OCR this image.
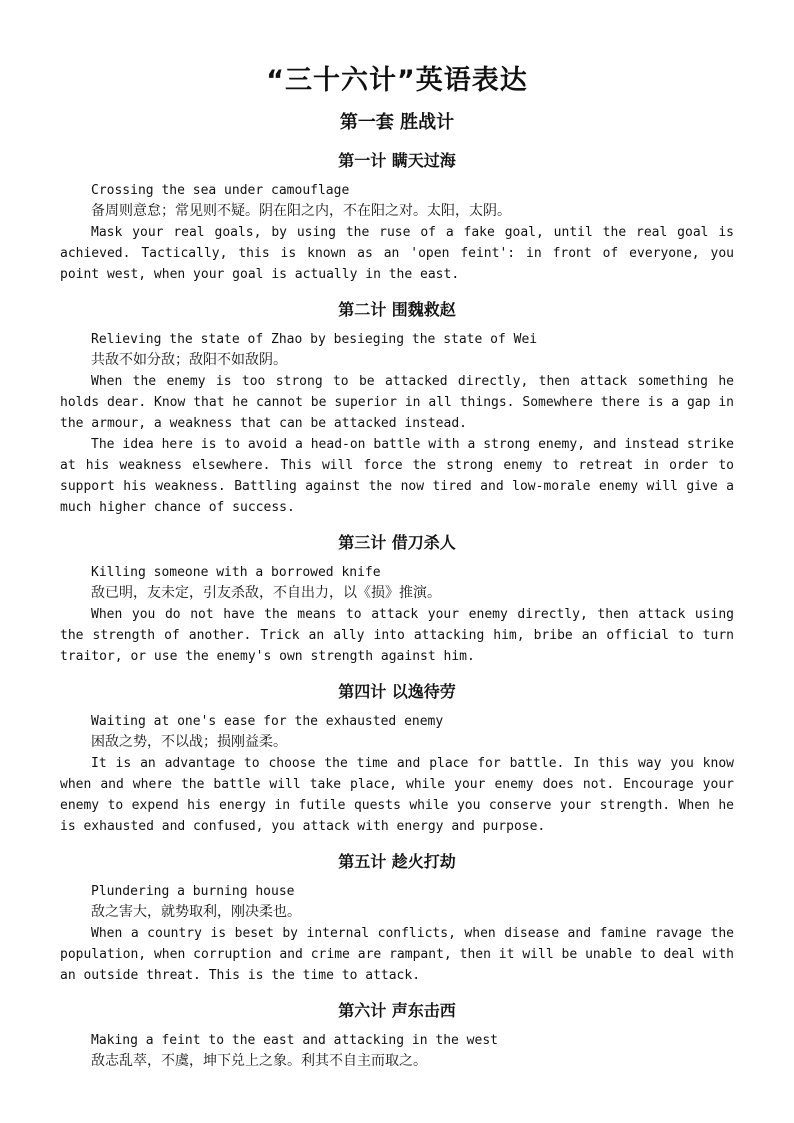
“三十六计”英语表达
第一套 胜战计
第一计 瞒天过海
Crossing the sea under camouflage
备周则意怠；常见则不疑。阴在阳之内，不在阳之对。太阳，太阴。

Mask your real goals, by using the ruse of a fake goal, until the real goal is achieved. Tactically, this is known as an 'open feint': in front of everyone, you point west, when your goal is actually in the east.

第二计 围魏救赵
Relieving the state of Zhao by besieging the state of Wei
共敌不如分敌；敌阳不如敌阴。

When the enemy is too strong to be attacked directly, then attack something he holds dear. Know that he cannot be superior in all things. Somewhere there is a gap in the armour, a weakness that can be attacked instead.

The idea here is to avoid a head-on battle with a strong enemy, and instead strike at his weakness elsewhere. This will force the strong enemy to retreat in order to support his weakness. Battling against the now tired and low-morale enemy will give a much higher chance of success.

第三计 借刀杀人
Killing someone with a borrowed knife
敌已明，友未定，引友杀敌，不自出力，以《损》推演。

When you do not have the means to attack your enemy directly, then attack using the strength of another. Trick an ally into attacking him, bribe an official to turn traitor, or use the enemy's own strength against him.

第四计 以逸待劳
Waiting at one's ease for the exhausted enemy
困敌之势，不以战；损刚益柔。

It is an advantage to choose the time and place for battle. In this way you know when and where the battle will take place, while your enemy does not. Encourage your enemy to expend his energy in futile quests while you conserve your strength. When he is exhausted and confused, you attack with energy and purpose.

第五计 趁火打劫
Plundering a burning house
敌之害大，就势取利，刚决柔也。

When a country is beset by internal conflicts, when disease and famine ravage the population, when corruption and crime are rampant, then it will be unable to deal with an outside threat. This is the time to attack.

第六计 声东击西
Making a feint to the east and attacking in the west
敌志乱萃，不虞，坤下兑上之象。利其不自主而取之。
